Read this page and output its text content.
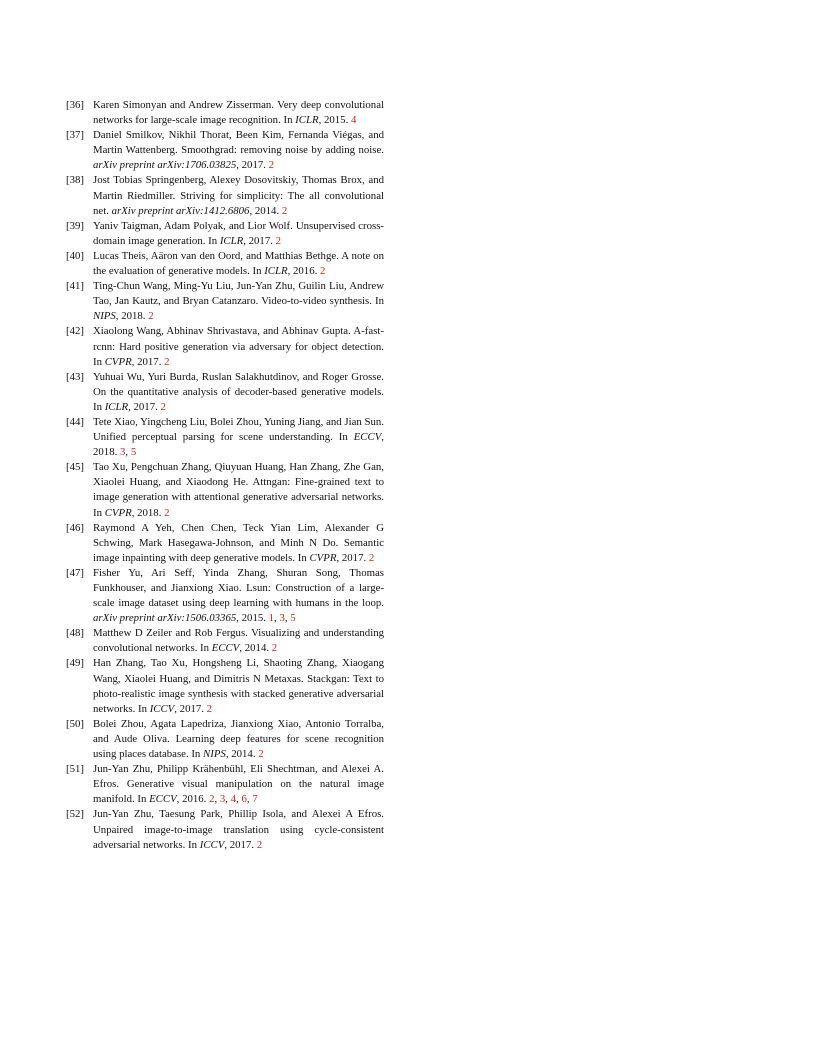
[36] Karen Simonyan and Andrew Zisserman. Very deep convolutional networks for large-scale image recognition. In ICLR, 2015. 4
[37] Daniel Smilkov, Nikhil Thorat, Been Kim, Fernanda Viégas, and Martin Wattenberg. Smoothgrad: removing noise by adding noise. arXiv preprint arXiv:1706.03825, 2017. 2
[38] Jost Tobias Springenberg, Alexey Dosovitskiy, Thomas Brox, and Martin Riedmiller. Striving for simplicity: The all convolutional net. arXiv preprint arXiv:1412.6806, 2014. 2
[39] Yaniv Taigman, Adam Polyak, and Lior Wolf. Unsupervised cross-domain image generation. In ICLR, 2017. 2
[40] Lucas Theis, Aäron van den Oord, and Matthias Bethge. A note on the evaluation of generative models. In ICLR, 2016. 2
[41] Ting-Chun Wang, Ming-Yu Liu, Jun-Yan Zhu, Guilin Liu, Andrew Tao, Jan Kautz, and Bryan Catanzaro. Video-to-video synthesis. In NIPS, 2018. 2
[42] Xiaolong Wang, Abhinav Shrivastava, and Abhinav Gupta. A-fast-rcnn: Hard positive generation via adversary for object detection. In CVPR, 2017. 2
[43] Yuhuai Wu, Yuri Burda, Ruslan Salakhutdinov, and Roger Grosse. On the quantitative analysis of decoder-based generative models. In ICLR, 2017. 2
[44] Tete Xiao, Yingcheng Liu, Bolei Zhou, Yuning Jiang, and Jian Sun. Unified perceptual parsing for scene understanding. In ECCV, 2018. 3, 5
[45] Tao Xu, Pengchuan Zhang, Qiuyuan Huang, Han Zhang, Zhe Gan, Xiaolei Huang, and Xiaodong He. Attngan: Fine-grained text to image generation with attentional generative adversarial networks. In CVPR, 2018. 2
[46] Raymond A Yeh, Chen Chen, Teck Yian Lim, Alexander G Schwing, Mark Hasegawa-Johnson, and Minh N Do. Semantic image inpainting with deep generative models. In CVPR, 2017. 2
[47] Fisher Yu, Ari Seff, Yinda Zhang, Shuran Song, Thomas Funkhouser, and Jianxiong Xiao. Lsun: Construction of a large-scale image dataset using deep learning with humans in the loop. arXiv preprint arXiv:1506.03365, 2015. 1, 3, 5
[48] Matthew D Zeiler and Rob Fergus. Visualizing and understanding convolutional networks. In ECCV, 2014. 2
[49] Han Zhang, Tao Xu, Hongsheng Li, Shaoting Zhang, Xiaogang Wang, Xiaolei Huang, and Dimitris N Metaxas. Stackgan: Text to photo-realistic image synthesis with stacked generative adversarial networks. In ICCV, 2017. 2
[50] Bolei Zhou, Agata Lapedriza, Jianxiong Xiao, Antonio Torralba, and Aude Oliva. Learning deep features for scene recognition using places database. In NIPS, 2014. 2
[51] Jun-Yan Zhu, Philipp Krähenbühl, Eli Shechtman, and Alexei A. Efros. Generative visual manipulation on the natural image manifold. In ECCV, 2016. 2, 3, 4, 6, 7
[52] Jun-Yan Zhu, Taesung Park, Phillip Isola, and Alexei A Efros. Unpaired image-to-image translation using cycle-consistent adversarial networks. In ICCV, 2017. 2
